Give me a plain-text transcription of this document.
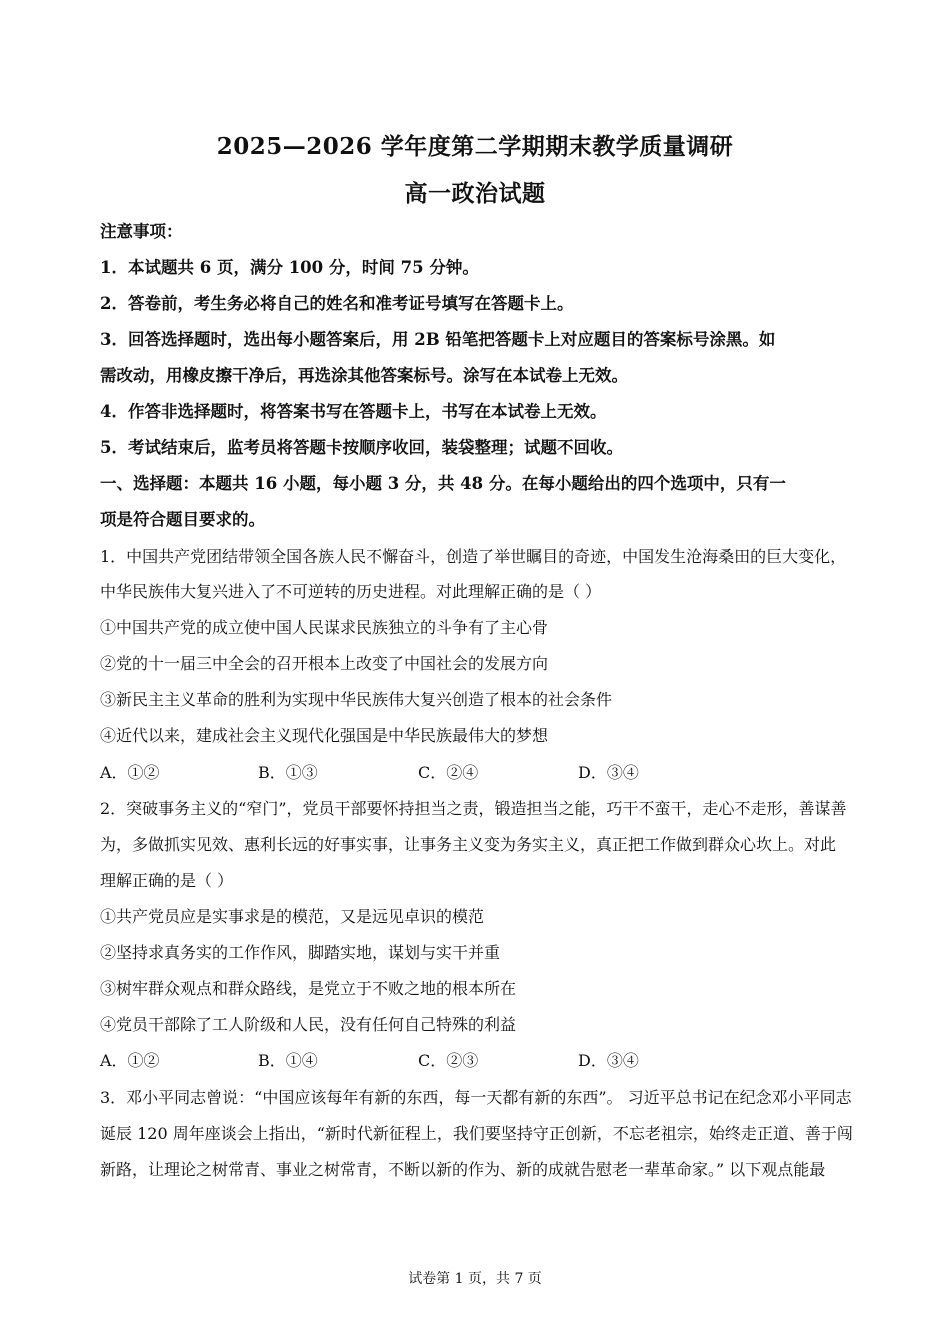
2025—2026 学年度第二学期期末教学质量调研
高一政治试题
注意事项：
1．本试题共 6 页，满分 100 分，时间 75 分钟。
2．答卷前，考生务必将自己的姓名和准考证号填写在答题卡上。
3．回答选择题时，选出每小题答案后，用 2B 铅笔把答题卡上对应题目的答案标号涂黑。如
需改动，用橡皮擦干净后，再选涂其他答案标号。涂写在本试卷上无效。
4．作答非选择题时，将答案书写在答题卡上，书写在本试卷上无效。
5．考试结束后，监考员将答题卡按顺序收回，装袋整理；试题不回收。
一、选择题：本题共 16 小题，每小题 3 分，共 48 分。在每小题给出的四个选项中，只有一
项是符合题目要求的。
1．中国共产党团结带领全国各族人民不懈奋斗，创造了举世瞩目的奇迹，中国发生沧海桑田的巨大变化，
中华民族伟大复兴进入了不可逆转的历史进程。对此理解正确的是（ ）
①中国共产党的成立使中国人民谋求民族独立的斗争有了主心骨
②党的十一届三中全会的召开根本上改变了中国社会的发展方向
③新民主主义革命的胜利为实现中华民族伟大复兴创造了根本的社会条件
④近代以来，建成社会主义现代化强国是中华民族最伟大的梦想
A．①②	B．①③	C．②④	D．③④
2．突破事务主义的“窄门”，党员干部要怀持担当之责，锻造担当之能，巧干不蛮干，走心不走形，善谋善
为，多做抓实见效、惠利长远的好事实事，让事务主义变为务实主义，真正把工作做到群众心坎上。对此
理解正确的是（ ）
①共产党员应是实事求是的模范，又是远见卓识的模范
②坚持求真务实的工作作风，脚踏实地，谋划与实干并重
③树牢群众观点和群众路线，是党立于不败之地的根本所在
④党员干部除了工人阶级和人民，没有任何自己特殊的利益
A．①②	B．①④	C．②③	D．③④
3．邓小平同志曾说：“中国应该每年有新的东西，每一天都有新的东西”。 习近平总书记在纪念邓小平同志
诞辰 120 周年座谈会上指出，“新时代新征程上，我们要坚持守正创新，不忘老祖宗，始终走正道、善于闯
新路，让理论之树常青、事业之树常青，不断以新的作为、新的成就告慰老一辈革命家。” 以下观点能最
试卷第 1 页，共 7 页
